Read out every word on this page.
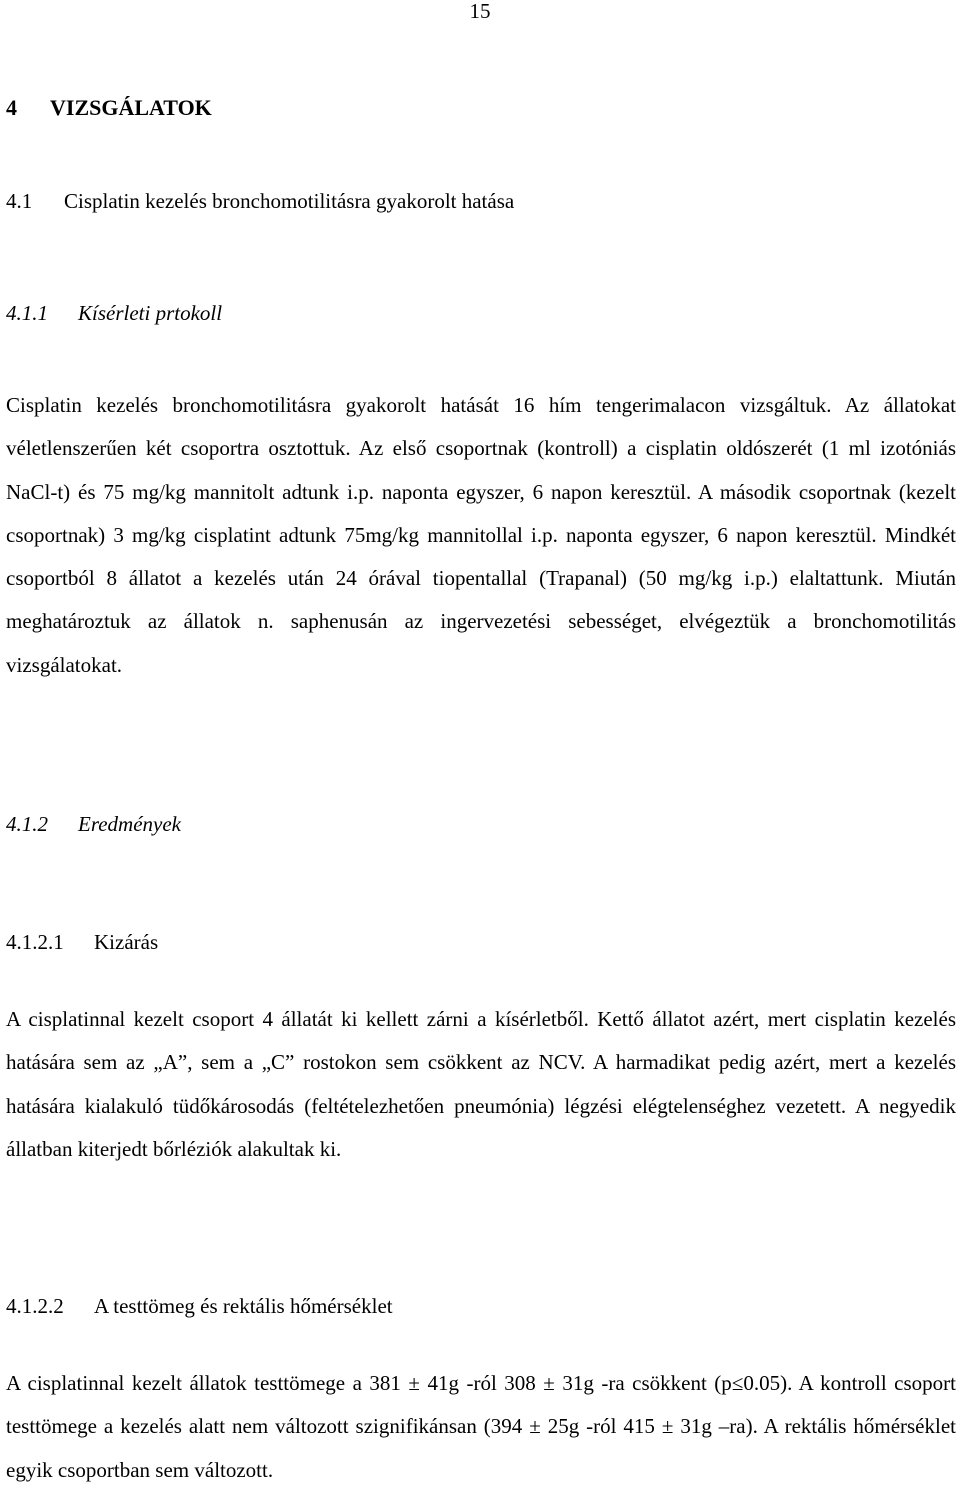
15
4 VIZSGÁLATOK
4.1 Cisplatin kezelés bronchomotilitásra gyakorolt hatása
4.1.1 Kísérleti prtokoll

Cisplatin kezelés bronchomotilitásra gyakorolt hatását 16 hím tengerimalacon vizsgáltuk. Az állatokat véletlenszerűen két csoportra osztottuk. Az első csoportnak (kontroll) a cisplatin oldószerét (1 ml izotóniás NaCl-t) és 75 mg/kg mannitolt adtunk i.p. naponta egyszer, 6 napon keresztül. A második csoportnak (kezelt csoportnak) 3 mg/kg cisplatint adtunk 75mg/kg mannitollal i.p. naponta egyszer, 6 napon keresztül. Mindkét csoportból 8 állatot a kezelés után 24 órával tiopentallal (Trapanal) (50 mg/kg i.p.) elaltattunk. Miután meghatároztuk az állatok n. saphenusán az ingervezetési sebességet, elvégeztük a bronchomotilitás vizsgálatokat.

4.1.2 Eredmények
4.1.2.1 Kizárás

A cisplatinnal kezelt csoport 4 állatát ki kellett zárni a kísérletből. Kettő állatot azért, mert cisplatin kezelés hatására sem az „A”, sem a „C” rostokon sem csökkent az NCV. A harmadikat pedig azért, mert a kezelés hatására kialakuló tüdőkárosodás (feltételezhetően pneumónia) légzési elégtelenséghez vezetett. A negyedik állatban kiterjedt bőrléziók alakultak ki.

4.1.2.2 A testtömeg és rektális hőmérséklet

A cisplatinnal kezelt állatok testtömege a 381 ± 41g -ról 308 ± 31g -ra csökkent (p≤0.05). A kontroll csoport testtömege a kezelés alatt nem változott szignifikánsan (394 ± 25g -ról 415 ± 31g –ra). A rektális hőmérséklet egyik csoportban sem változott.
